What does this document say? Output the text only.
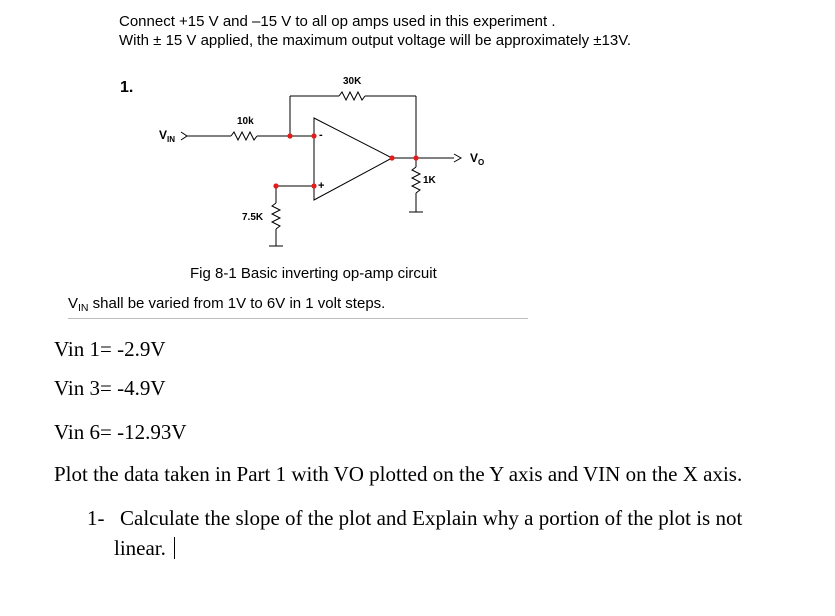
Connect +15 V and –15 V to all op amps used in this experiment .
With ± 15 V applied, the maximum output voltage will be approximately ±13V.
1.	30K
10k
7.5K
1K
$V_{IN}$
$V_O$
-
+
Fig 8-1 Basic inverting op-amp circuit
$V_{IN}$ shall be varied from 1V to 6V in 1 volt steps.
Vin 1= -2.9V
Vin 3= -4.9V
Vin 6= -12.93V
Plot the data taken in Part 1 with VO plotted on the Y axis and VIN on the X axis.
1- Calculate the slope of the plot and Explain why a portion of the plot is not
linear.
